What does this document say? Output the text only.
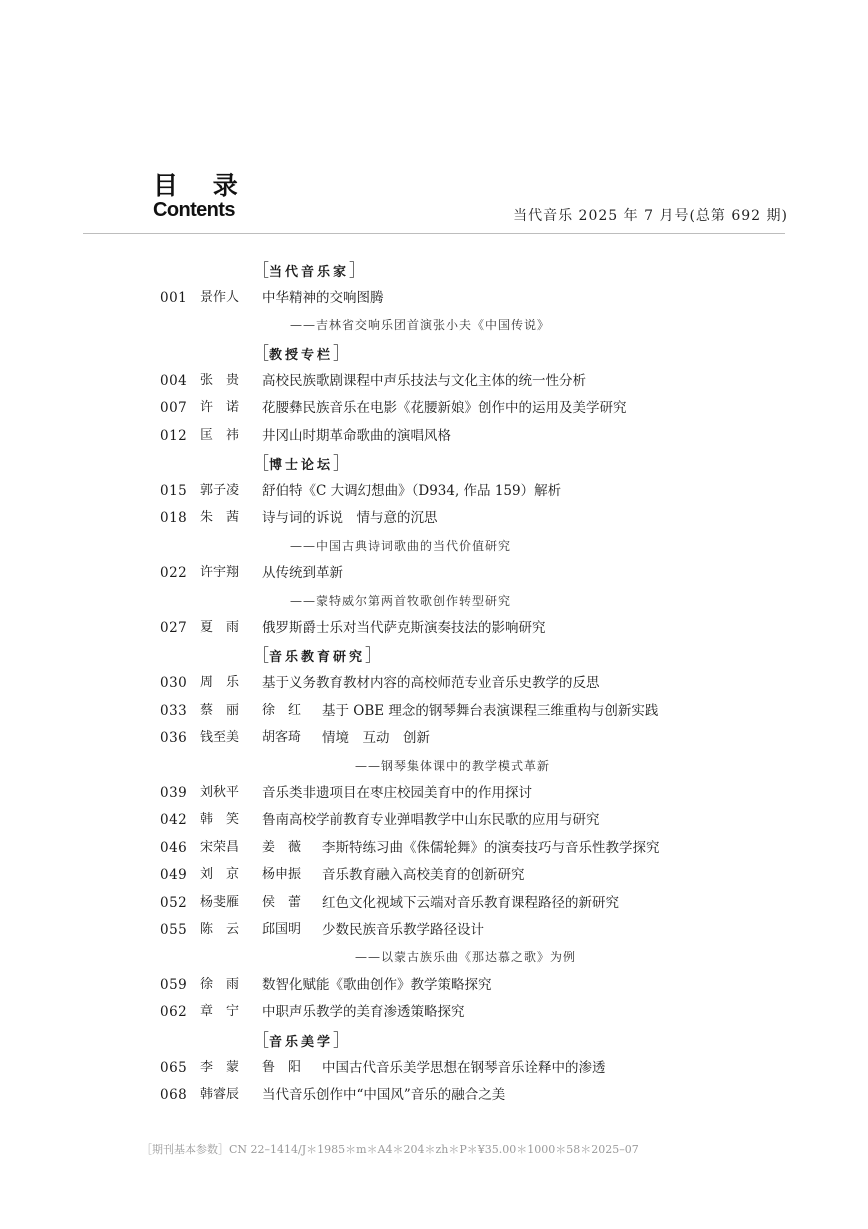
目 录
Contents	当代音乐 2025 年 7 月号(总第 692 期)
［当代音乐家］
001 景作人 中华精神的交响图腾
——吉林省交响乐团首演张小夫《中国传说》
［教授专栏］
004 张　贵 高校民族歌剧课程中声乐技法与文化主体的统一性分析
007 许　诺 花腰彝民族音乐在电影《花腰新娘》创作中的运用及美学研究
012 匡　祎 井冈山时期革命歌曲的演唱风格
［博士论坛］
015 郭子凌 舒伯特《C 大调幻想曲》（D934, 作品 159）解析
018 朱　茜 诗与词的诉说　情与意的沉思
——中国古典诗词歌曲的当代价值研究
022 许宇翔 从传统到革新
——蒙特威尔第两首牧歌创作转型研究
027 夏　雨 俄罗斯爵士乐对当代萨克斯演奏技法的影响研究
［音乐教育研究］
030 周　乐 基于义务教育教材内容的高校师范专业音乐史教学的反思
033 蔡　丽 徐　红 基于 OBE 理念的钢琴舞台表演课程三维重构与创新实践
036 钱至美 胡客琦 情境　互动　创新
——钢琴集体课中的教学模式革新
039 刘秋平 音乐类非遗项目在枣庄校园美育中的作用探讨
042 韩　笑 鲁南高校学前教育专业弹唱教学中山东民歌的应用与研究
046 宋荣昌 姜　薇 李斯特练习曲《侏儒轮舞》的演奏技巧与音乐性教学探究
049 刘　京 杨申振 音乐教育融入高校美育的创新研究
052 杨斐雁 侯　蕾 红色文化视域下云端对音乐教育课程路径的新研究
055 陈　云 邱国明 少数民族音乐教学路径设计
——以蒙古族乐曲《那达慕之歌》为例
059 徐　雨 数智化赋能《歌曲创作》教学策略探究
062 章　宁 中职声乐教学的美育渗透策略探究
［音乐美学］
065 李　蒙 鲁　阳 中国古代音乐美学思想在钢琴音乐诠释中的渗透
068 韩睿辰 当代音乐创作中“中国风”音乐的融合之美
［期刊基本参数］CN 22–1414/J＊1985＊m＊A4＊204＊zh＊P＊¥35.00＊1000＊58＊2025–07
